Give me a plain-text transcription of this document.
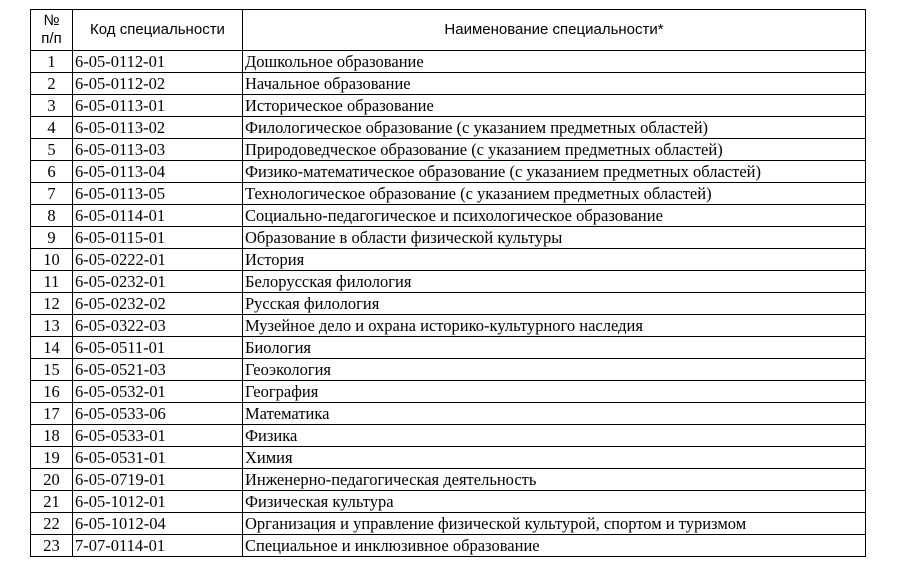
№
п/п	Код специальности	Наименование специальности*
1	6-05-0112-01	Дошкольное образование
2	6-05-0112-02	Начальное образование
3	6-05-0113-01	Историческое образование
4	6-05-0113-02	Филологическое образование (с указанием предметных областей)
5	6-05-0113-03	Природоведческое образование (с указанием предметных областей)
6	6-05-0113-04	Физико-математическое образование (с указанием предметных областей)
7	6-05-0113-05	Технологическое образование (с указанием предметных областей)
8	6-05-0114-01	Социально-педагогическое и психологическое образование
9	6-05-0115-01	Образование в области физической культуры
10	6-05-0222-01	История
11	6-05-0232-01	Белорусская филология
12	6-05-0232-02	Русская филология
13	6-05-0322-03	Музейное дело и охрана историко-культурного наследия
14	6-05-0511-01	Биология
15	6-05-0521-03	Геоэкология
16	6-05-0532-01	География
17	6-05-0533-06	Математика
18	6-05-0533-01	Физика
19	6-05-0531-01	Химия
20	6-05-0719-01	Инженерно-педагогическая деятельность
21	6-05-1012-01	Физическая культура
22	6-05-1012-04	Организация и управление физической культурой, спортом и туризмом
23	7-07-0114-01	Специальное и инклюзивное образование
